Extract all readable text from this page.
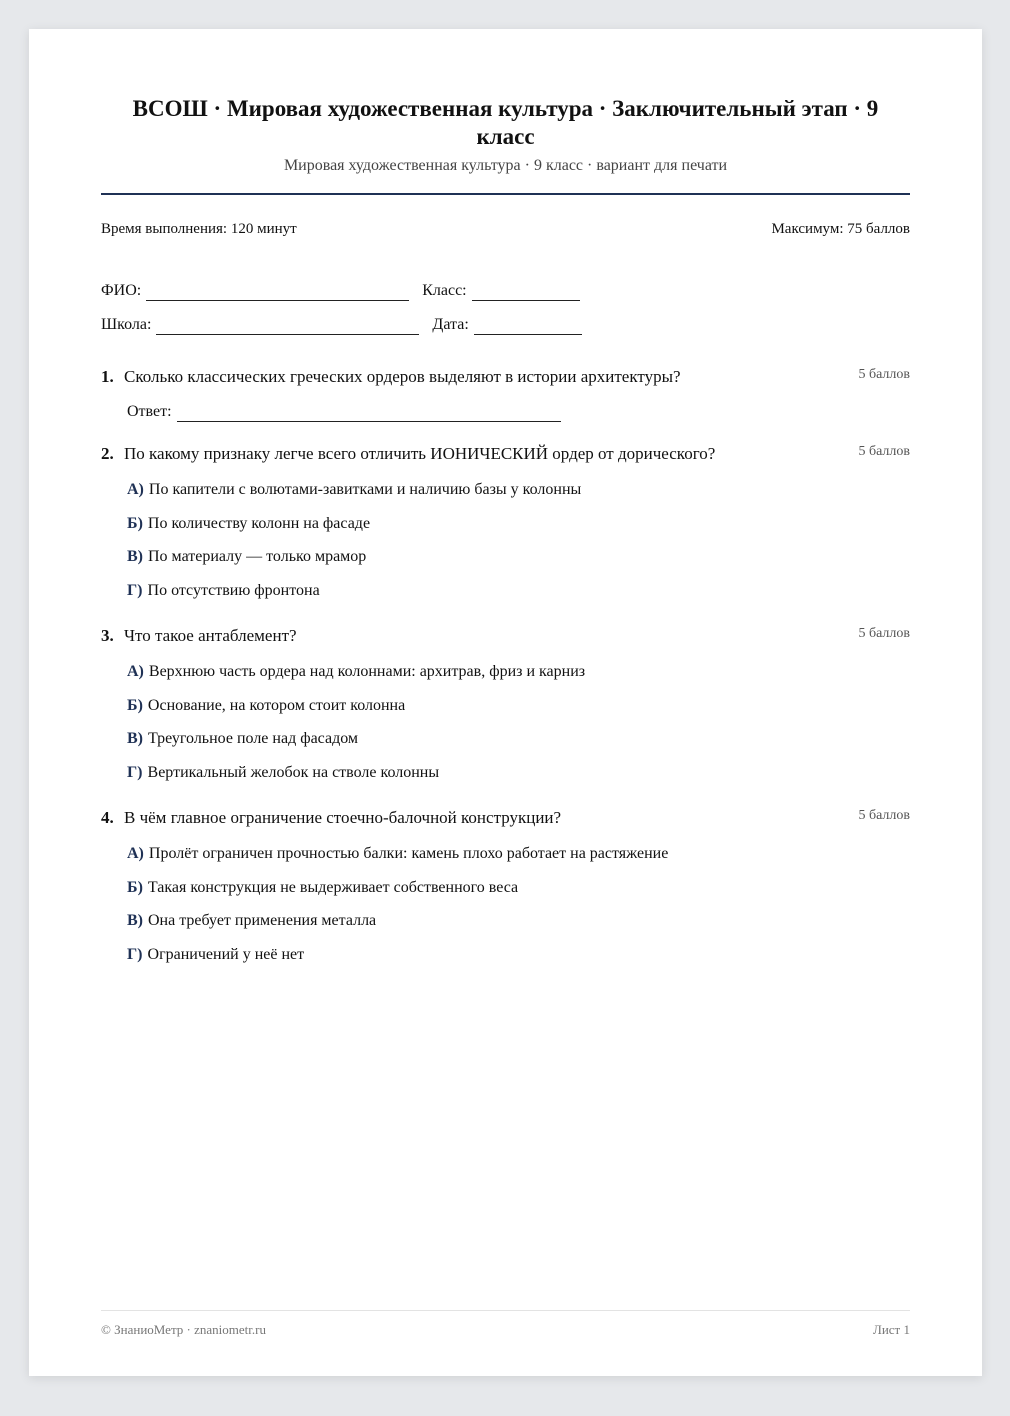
ВСОШ · Мировая художественная культура · Заключительный этап · 9 класс
Мировая художественная культура · 9 класс · вариант для печати
Время выполнения: 120 минут	Максимум: 75 баллов
ФИО:	Класс:
Школа:	Дата:
1. Сколько классических греческих ордеров выделяют в истории архитектуры?	5 баллов
Ответ:
2. По какому признаку легче всего отличить ИОНИЧЕСКИЙ ордер от дорического?	5 баллов
А) По капители с волютами-завитками и наличию базы у колонны
Б) По количеству колонн на фасаде
В) По материалу — только мрамор
Г) По отсутствию фронтона
3. Что такое антаблемент?	5 баллов
А) Верхнюю часть ордера над колоннами: архитрав, фриз и карниз
Б) Основание, на котором стоит колонна
В) Треугольное поле над фасадом
Г) Вертикальный желобок на стволе колонны
4. В чём главное ограничение стоечно-балочной конструкции?	5 баллов
А) Пролёт ограничен прочностью балки: камень плохо работает на растяжение
Б) Такая конструкция не выдерживает собственного веса
В) Она требует применения металла
Г) Ограничений у неё нет
© ЗнаниоМетр · znaniometr.ru	Лист 1
